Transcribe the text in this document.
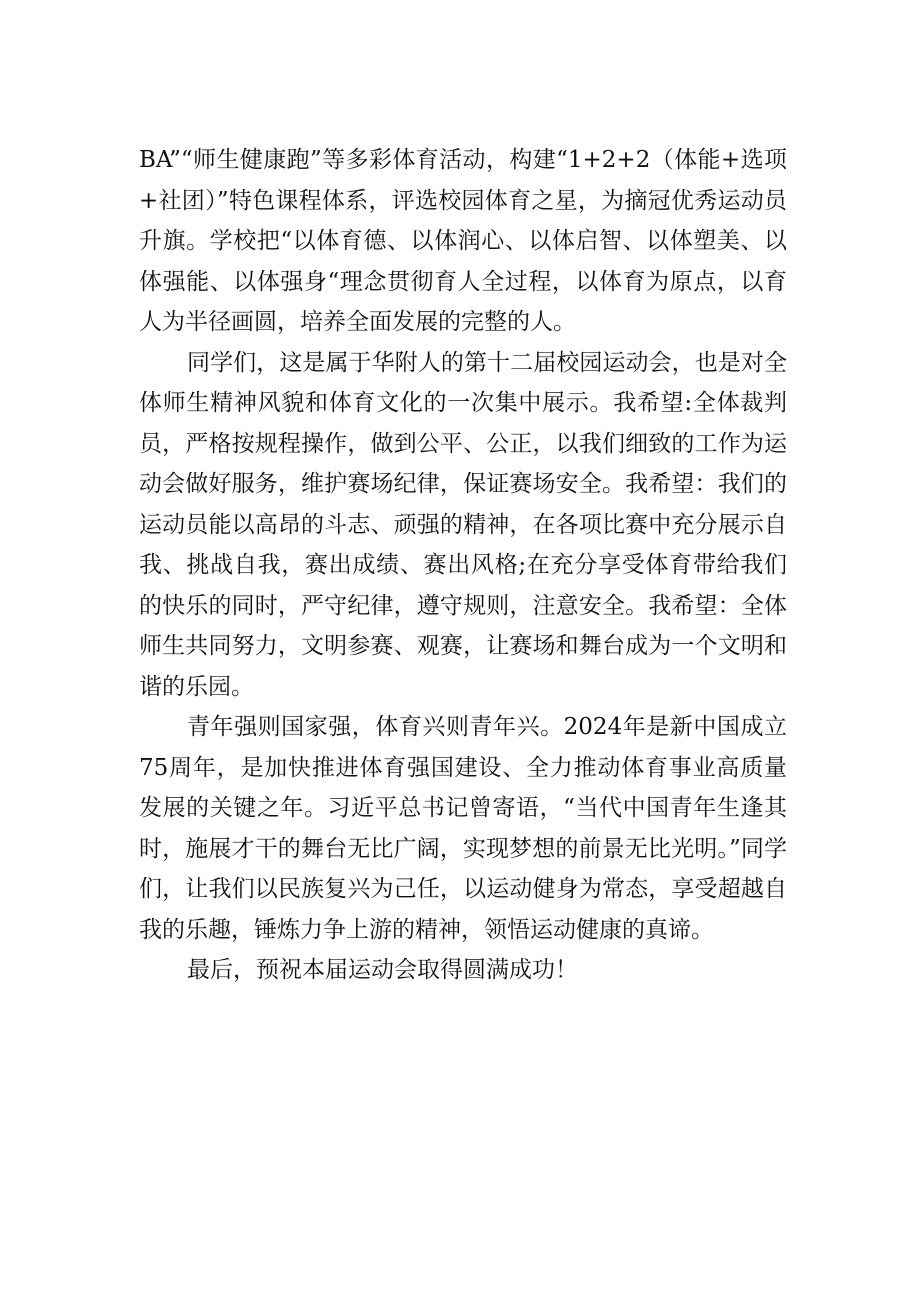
BA”“师生健康跑”等多彩体育活动，构建“1+2+2（体能+选项+社团）”特色课程体系，评选校园体育之星，为摘冠优秀运动员升旗。学校把“以体育德、以体润心、以体启智、以体塑美、以体强能、以体强身“理念贯彻育人全过程，以体育为原点，以育人为半径画圆，培养全面发展的完整的人。

同学们，这是属于华附人的第十二届校园运动会，也是对全体师生精神风貌和体育文化的一次集中展示。我希望:全体裁判员，严格按规程操作，做到公平、公正，以我们细致的工作为运动会做好服务，维护赛场纪律，保证赛场安全。我希望：我们的运动员能以高昂的斗志、顽强的精神，在各项比赛中充分展示自我、挑战自我，赛出成绩、赛出风格;在充分享受体育带给我们的快乐的同时，严守纪律，遵守规则，注意安全。我希望：全体师生共同努力，文明参赛、观赛，让赛场和舞台成为一个文明和谐的乐园。

青年强则国家强，体育兴则青年兴。2024年是新中国成立75周年，是加快推进体育强国建设、全力推动体育事业高质量发展的关键之年。习近平总书记曾寄语，“当代中国青年生逢其时，施展才干的舞台无比广阔，实现梦想的前景无比光明。”同学们，让我们以民族复兴为己任，以运动健身为常态，享受超越自我的乐趣，锤炼力争上游的精神，领悟运动健康的真谛。

最后，预祝本届运动会取得圆满成功！
